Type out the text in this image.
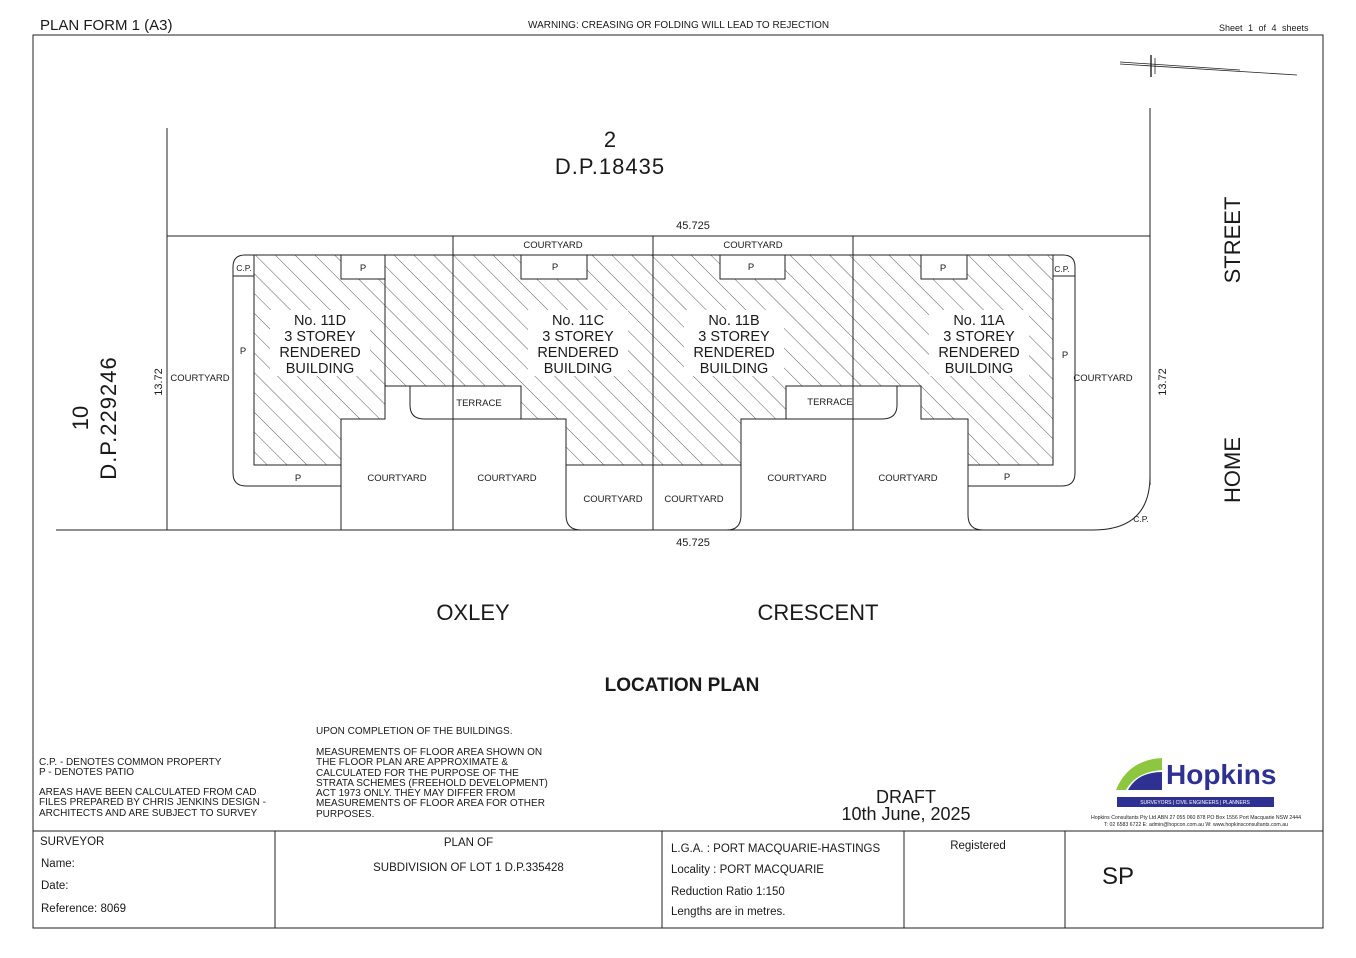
PLAN FORM 1 (A3)	WARNING: CREASING OR FOLDING WILL LEAD TO REJECTION	Sheet 1 of 4 sheets
2
D.P.18435
10 D.P.229246
45.725
45.725
13.72	13.72
STREET
HOME
OXLEY	CRESCENT
LOCATION PLAN
COURTYARD	COURTYARD
COURTYARD	COURTYARD
COURTYARD	COURTYARD
COURTYARD COURTYARD
COURTYARD	COURTYARD
TERRACE	TERRACE
P	P	P	P
P	P
P	P
C.P.	C.P.
C.P.
No. 11D
3 STOREY
RENDERED
BUILDING
No. 11C
3 STOREY
RENDERED
BUILDING
No. 11B
3 STOREY
RENDERED
BUILDING
No. 11A
3 STOREY
RENDERED
BUILDING
Hopkins
SURVEYORS | CIVIL ENGINEERS | PLANNERS
Hopkins Consultants Pty Ltd ABN 27 055 060 878 PO Box 1556 Port Macquarie NSW 2444
T: 02 6583 6722 E: admin@hopcon.com.au W: www.hopkinsconsultants.com.au
C.P. - DENOTES COMMON PROPERTY
P - DENOTES PATIO
AREAS HAVE BEEN CALCULATED FROM CAD
FILES PREPARED BY CHRIS JENKINS DESIGN -
ARCHITECTS AND ARE SUBJECT TO SURVEY
UPON COMPLETION OF THE BUILDINGS.
MEASUREMENTS OF FLOOR AREA SHOWN ON
THE FLOOR PLAN ARE APPROXIMATE &
CALCULATED FOR THE PURPOSE OF THE
STRATA SCHEMES (FREEHOLD DEVELOPMENT)
ACT 1973 ONLY. THEY MAY DIFFER FROM
MEASUREMENTS OF FLOOR AREA FOR OTHER
PURPOSES.
DRAFT
10th June, 2025
SURVEYOR
Name:
Date:
Reference: 8069
PLAN OF
SUBDIVISION OF LOT 1 D.P.335428
L.G.A. : PORT MACQUARIE-HASTINGS
Locality : PORT MACQUARIE
Reduction Ratio 1:150
Lengths are in metres.
Registered
SP
